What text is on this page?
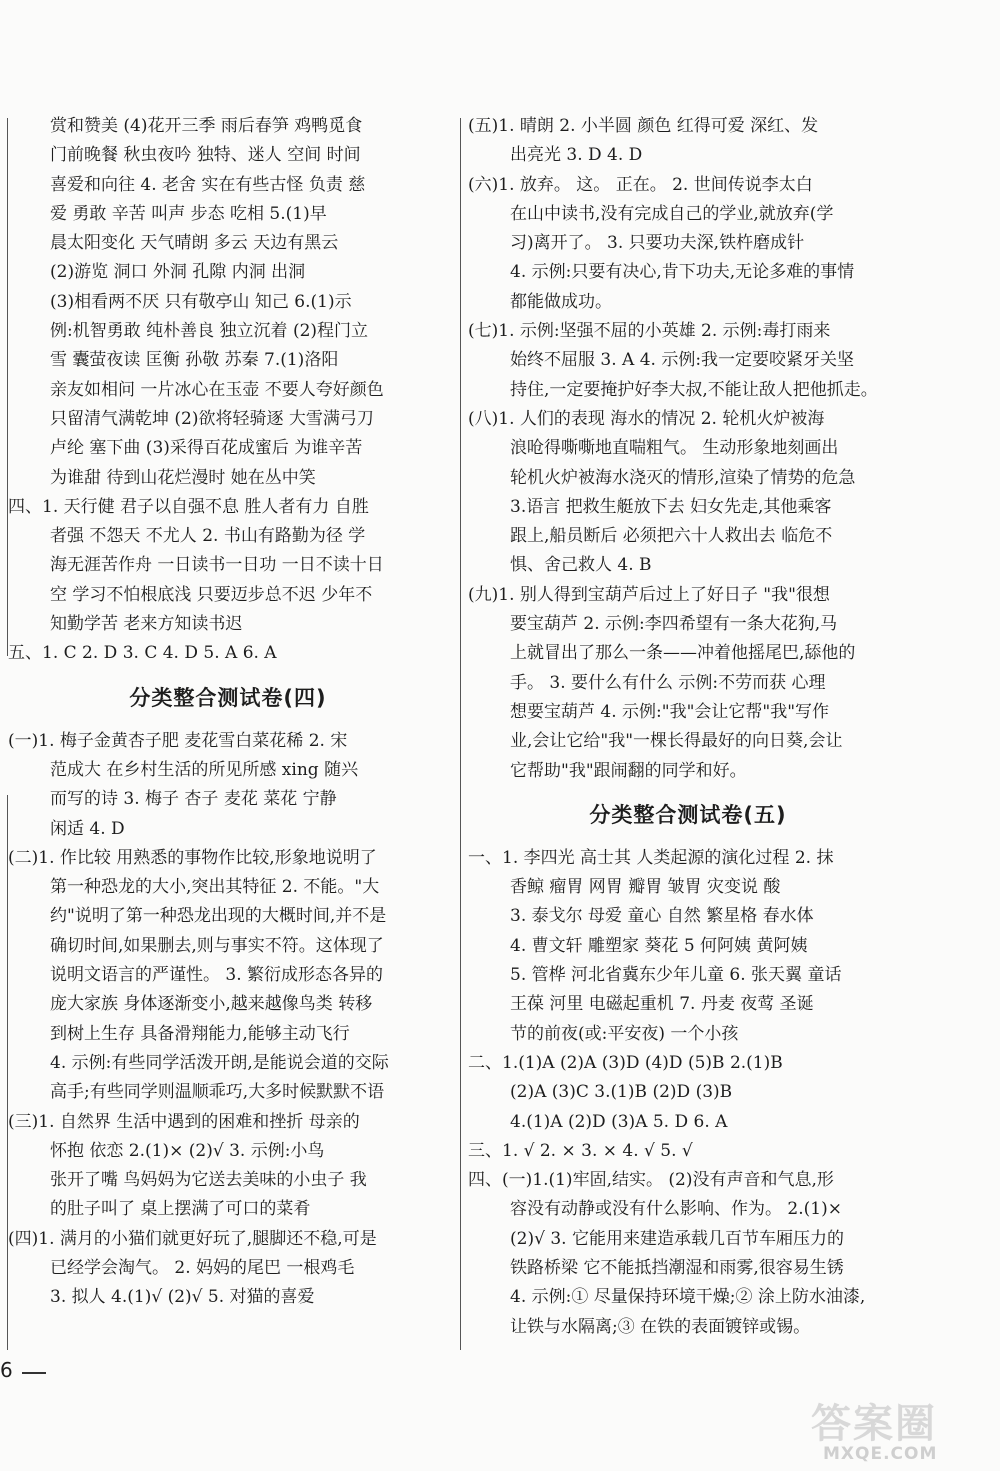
赏和赞美 (4)花开三季 雨后春笋 鸡鸭觅食
门前晚餐 秋虫夜吟 独特、迷人 空间 时间
喜爱和向往 4. 老舍 实在有些古怪 负责 慈
爱 勇敢 辛苦 叫声 步态 吃相 5.(1)早
晨太阳变化 天气晴朗 多云 天边有黑云
(2)游览 洞口 外洞 孔隙 内洞 出洞
(3)相看两不厌 只有敬亭山 知己 6.(1)示
例:机智勇敢 纯朴善良 独立沉着 (2)程门立
雪 囊萤夜读 匡衡 孙敬 苏秦 7.(1)洛阳
亲友如相问 一片冰心在玉壶 不要人夸好颜色
只留清气满乾坤 (2)欲将轻骑逐 大雪满弓刀
卢纶 塞下曲 (3)采得百花成蜜后 为谁辛苦
为谁甜 待到山花烂漫时 她在丛中笑
四、1. 天行健 君子以自强不息 胜人者有力 自胜
者强 不怨天 不尤人 2. 书山有路勤为径 学
海无涯苦作舟 一日读书一日功 一日不读十日
空 学习不怕根底浅 只要迈步总不迟 少年不
知勤学苦 老来方知读书迟
五、1. C 2. D 3. C 4. D 5. A 6. A
分类整合测试卷(四)
(一)1. 梅子金黄杏子肥 麦花雪白菜花稀 2. 宋
范成大 在乡村生活的所见所感 xing 随兴
而写的诗 3. 梅子 杏子 麦花 菜花 宁静
闲适 4. D
(二)1. 作比较 用熟悉的事物作比较,形象地说明了
第一种恐龙的大小,突出其特征 2. 不能。"大
约"说明了第一种恐龙出现的大概时间,并不是
确切时间,如果删去,则与事实不符。这体现了
说明文语言的严谨性。 3. 繁衍成形态各异的
庞大家族 身体逐渐变小,越来越像鸟类 转移
到树上生存 具备滑翔能力,能够主动飞行
4. 示例:有些同学活泼开朗,是能说会道的交际
高手;有些同学则温顺乖巧,大多时候默默不语
(三)1. 自然界 生活中遇到的困难和挫折 母亲的
怀抱 依恋 2.(1)× (2)√ 3. 示例:小鸟
张开了嘴 鸟妈妈为它送去美味的小虫子 我
的肚子叫了 桌上摆满了可口的菜肴
(四)1. 满月的小猫们就更好玩了,腿脚还不稳,可是
已经学会淘气。 2. 妈妈的尾巴 一根鸡毛
3. 拟人 4.(1)√ (2)√ 5. 对猫的喜爱
(五)1. 晴朗 2. 小半圆 颜色 红得可爱 深红、发
出亮光 3. D 4. D
(六)1. 放弃。 这。 正在。 2. 世间传说李太白
在山中读书,没有完成自己的学业,就放弃(学
习)离开了。 3. 只要功夫深,铁杵磨成针
4. 示例:只要有决心,肯下功夫,无论多难的事情
都能做成功。
(七)1. 示例:坚强不屈的小英雄 2. 示例:毒打雨来
始终不屈服 3. A 4. 示例:我一定要咬紧牙关坚
持住,一定要掩护好李大叔,不能让敌人把他抓走。
(八)1. 人们的表现 海水的情况 2. 轮机火炉被海
浪呛得嘶嘶地直喘粗气。 生动形象地刻画出
轮机火炉被海水浇灭的情形,渲染了情势的危急
3.语言 把救生艇放下去 妇女先走,其他乘客
跟上,船员断后 必须把六十人救出去 临危不
惧、舍己救人 4. B
(九)1. 别人得到宝葫芦后过上了好日子 "我"很想
要宝葫芦 2. 示例:李四希望有一条大花狗,马
上就冒出了那么一条——冲着他摇尾巴,舔他的
手。 3. 要什么有什么 示例:不劳而获 心理
想要宝葫芦 4. 示例:"我"会让它帮"我"写作
业,会让它给"我"一棵长得最好的向日葵,会让
它帮助"我"跟闹翻的同学和好。
分类整合测试卷(五)
一、1. 李四光 高士其 人类起源的演化过程 2. 抹
香鲸 瘤胃 网胃 瓣胃 皱胃 灾变说 酸
3. 泰戈尔 母爱 童心 自然 繁星格 春水体
4. 曹文轩 雕塑家 葵花 5 何阿姨 黄阿姨
5. 管桦 河北省冀东少年儿童 6. 张天翼 童话
王葆 河里 电磁起重机 7. 丹麦 夜莺 圣诞
节的前夜(或:平安夜) 一个小孩
二、1.(1)A (2)A (3)D (4)D (5)B 2.(1)B
(2)A (3)C 3.(1)B (2)D (3)B
4.(1)A (2)D (3)A 5. D 6. A
三、1. √ 2. × 3. × 4. √ 5. √
四、(一)1.(1)牢固,结实。 (2)没有声音和气息,形
容没有动静或没有什么影响、作为。 2.(1)×
(2)√ 3. 它能用来建造承载几百节车厢压力的
铁路桥梁 它不能抵挡潮湿和雨雾,很容易生锈
4. 示例:① 尽量保持环境干燥;② 涂上防水油漆,
让铁与水隔离;③ 在铁的表面镀锌或锡。
6
答案圈
MXQE.COM
